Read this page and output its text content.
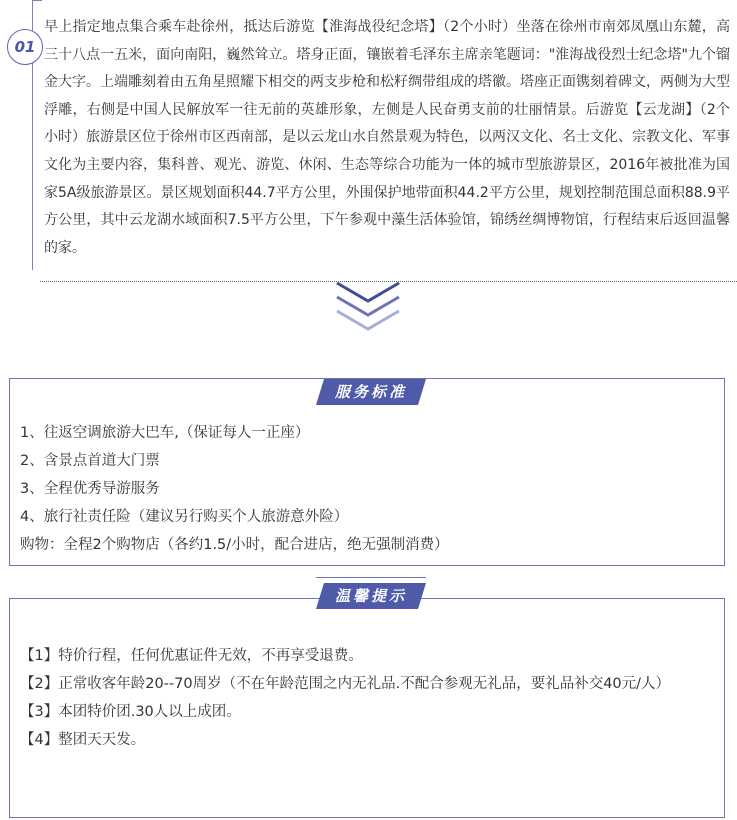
01

早上指定地点集合乘车赴徐州，抵达后游览【淮海战役纪念塔】（2个小时）坐落在徐州市南郊凤凰山东麓，高三十八点一五米，面向南阳，巍然耸立。塔身正面，镶嵌着毛泽东主席亲笔题词："淮海战役烈士纪念塔"九个镏金大字。上端雕刻着由五角星照耀下相交的两支步枪和松籽绸带组成的塔徽。塔座正面镌刻着碑文，两侧为大型浮雕，右侧是中国人民解放军一往无前的英雄形象，左侧是人民奋勇支前的壮丽情景。后游览【云龙湖】（2个小时）旅游景区位于徐州市区西南部，是以云龙山水自然景观为特色，以两汉文化、名士文化、宗教文化、军事文化为主要内容，集科普、观光、游览、休闲、生态等综合功能为一体的城市型旅游景区，2016年被批准为国家5A级旅游景区。景区规划面积44.7平方公里，外围保护地带面积44.2平方公里，规划控制范围总面积88.9平方公里，其中云龙湖水域面积7.5平方公里，下午参观中藻生活体验馆，锦绣丝绸博物馆，行程结束后返回温馨的家。

服务标准
1、往返空调旅游大巴车,（保证每人一正座）
2、含景点首道大门票
3、全程优秀导游服务
4、旅行社责任险（建议另行购买个人旅游意外险）
购物：全程2个购物店（各约1.5/小时，配合进店，绝无强制消费）
温馨提示
【1】特价行程，任何优惠证件无效，不再享受退费。
【2】正常收客年龄20--70周岁（不在年龄范围之内无礼品.不配合参观无礼品，要礼品补交40元/人）
【3】本团特价团.30人以上成团。
【4】整团天天发。
